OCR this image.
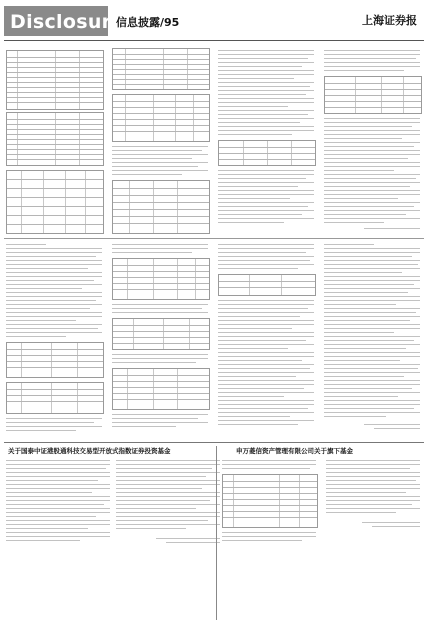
Disclosure
信息披露/95	上海证券报
关于国泰中证港股通科技交易型开放式指数证券投资基金	申万菱信资产管理有限公司关于旗下基金
